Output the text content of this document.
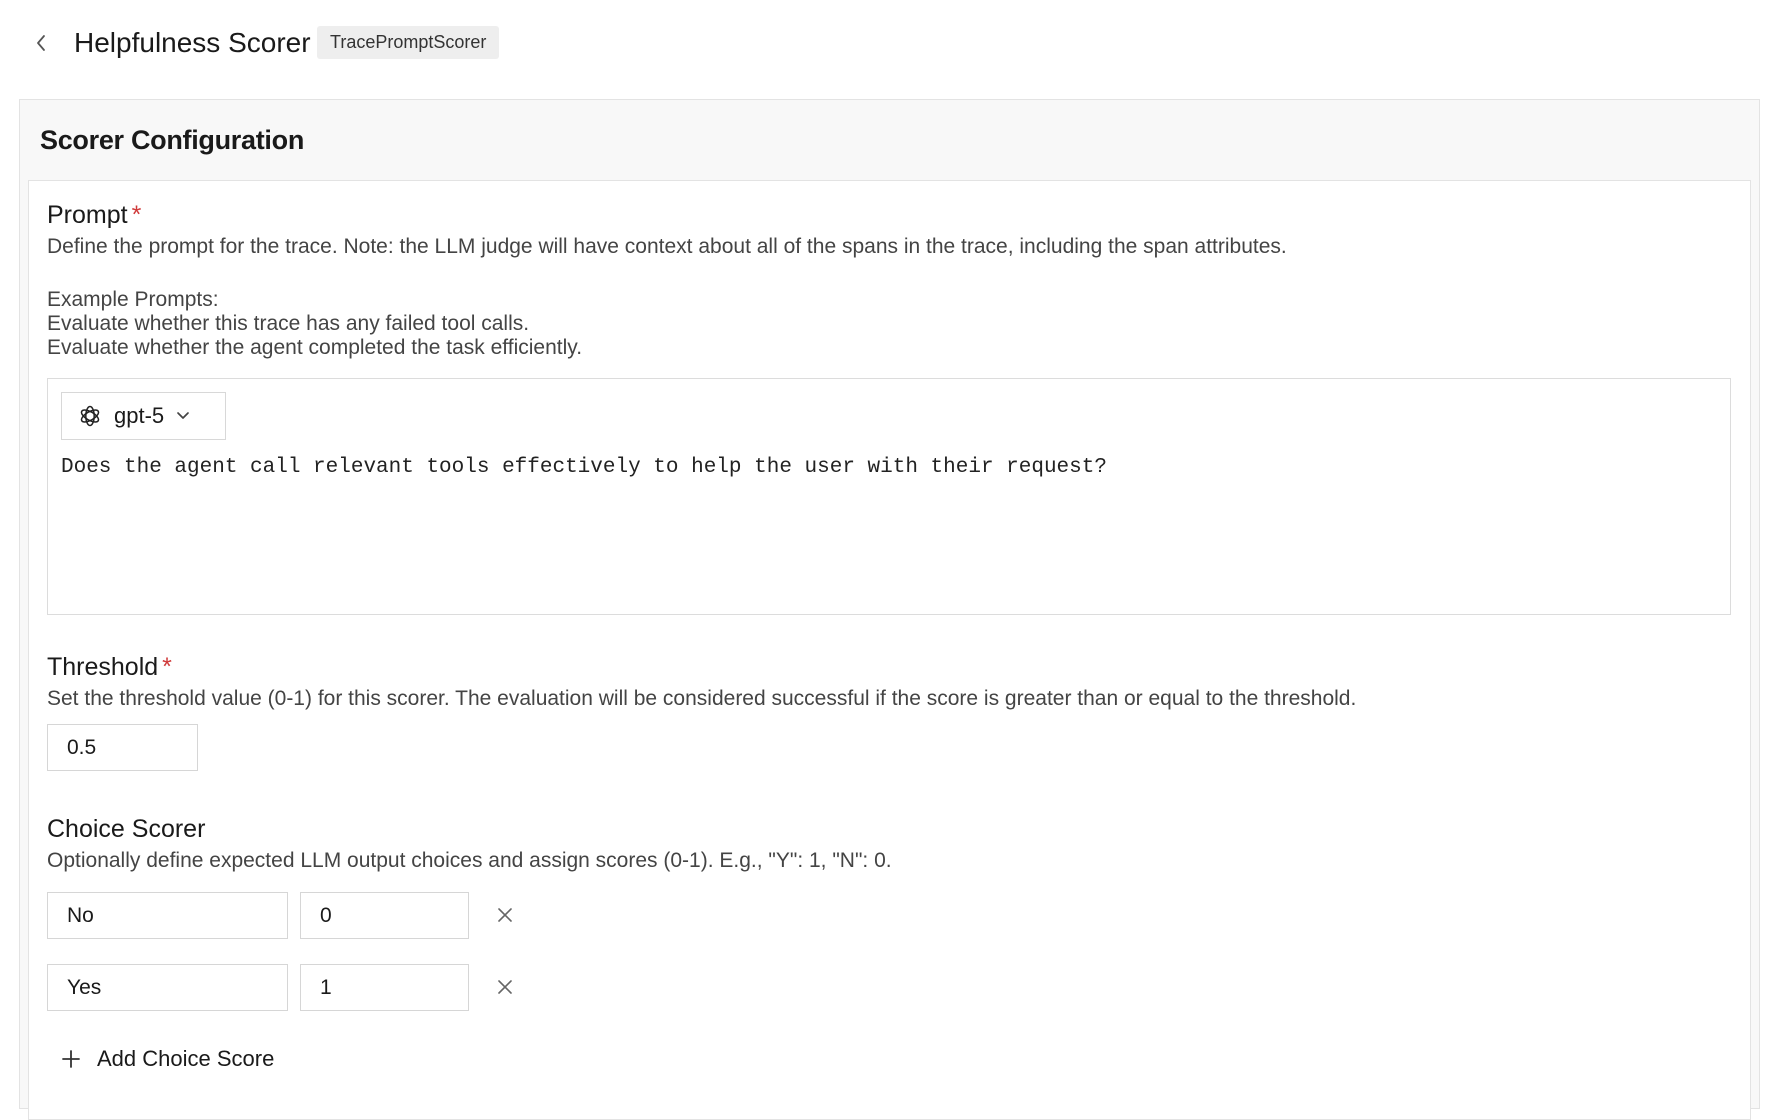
Helpfulness Scorer	TracePromptScorer
Scorer Configuration
Prompt *
Define the prompt for the trace. Note: the LLM judge will have context about all of the spans in the trace, including the span attributes.
Example Prompts:
Evaluate whether this trace has any failed tool calls.
Evaluate whether the agent completed the task efficiently.
gpt-5
Does the agent call relevant tools effectively to help the user with their request?
Threshold *
Set the threshold value (0-1) for this scorer. The evaluation will be considered successful if the score is greater than or equal to the threshold.
0.5
Choice Scorer
Optionally define expected LLM output choices and assign scores (0-1). E.g., "Y": 1, "N": 0.
No
0
Yes
1
Add Choice Score
